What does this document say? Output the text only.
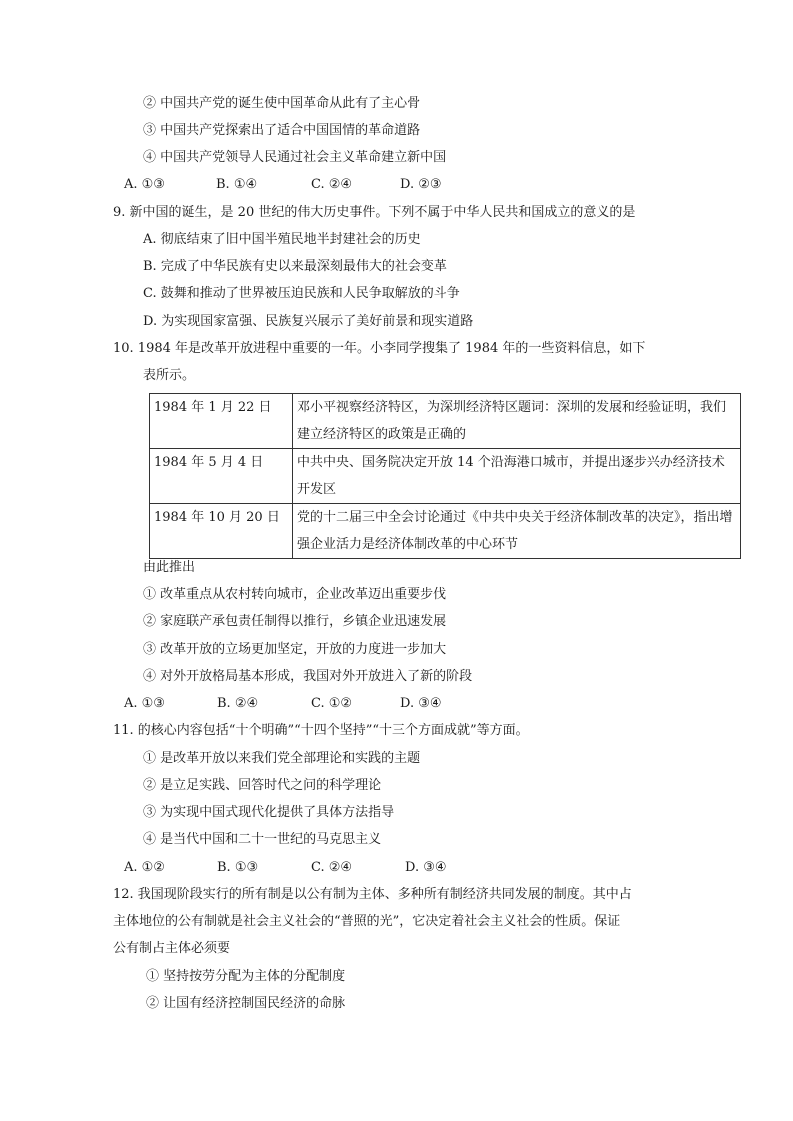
② 中国共产党的诞生使中国革命从此有了主心骨
③ 中国共产党探索出了适合中国国情的革命道路
④ 中国共产党领导人民通过社会主义革命建立新中国
A. ①③	B. ①④	C. ②④	D. ②③
9. 新中国的诞生，是 20 世纪的伟大历史事件。下列不属于中华人民共和国成立的意义的是
A. 彻底结束了旧中国半殖民地半封建社会的历史
B. 完成了中华民族有史以来最深刻最伟大的社会变革
C. 鼓舞和推动了世界被压迫民族和人民争取解放的斗争
D. 为实现国家富强、民族复兴展示了美好前景和现实道路
10. 1984 年是改革开放进程中重要的一年。小李同学搜集了 1984 年的一些资料信息，如下
表所示。
1984 年 1 月 22 日	邓小平视察经济特区，为深圳经济特区题词：深圳的发展和经验证明，我们建立经济特区的政策是正确的
1984 年 5 月 4 日	中共中央、国务院决定开放 14 个沿海港口城市，并提出逐步兴办经济技术开发区
1984 年 10 月 20 日	党的十二届三中全会讨论通过《中共中央关于经济体制改革的决定》，指出增强企业活力是经济体制改革的中心环节
由此推出
① 改革重点从农村转向城市，企业改革迈出重要步伐
② 家庭联产承包责任制得以推行，乡镇企业迅速发展
③ 改革开放的立场更加坚定，开放的力度进一步加大
④ 对外开放格局基本形成，我国对外开放进入了新的阶段
A. ①③	B. ②④	C. ①②	D. ③④
11. 的核心内容包括“十个明确”“十四个坚持”“十三个方面成就”等方面。
① 是改革开放以来我们党全部理论和实践的主题
② 是立足实践、回答时代之问的科学理论
③ 为实现中国式现代化提供了具体方法指导
④ 是当代中国和二十一世纪的马克思主义
A. ①②	B. ①③	C. ②④	D. ③④
12. 我国现阶段实行的所有制是以公有制为主体、多种所有制经济共同发展的制度。其中占
主体地位的公有制就是社会主义社会的“普照的光”，它决定着社会主义社会的性质。保证
公有制占主体必须要
① 坚持按劳分配为主体的分配制度
② 让国有经济控制国民经济的命脉
